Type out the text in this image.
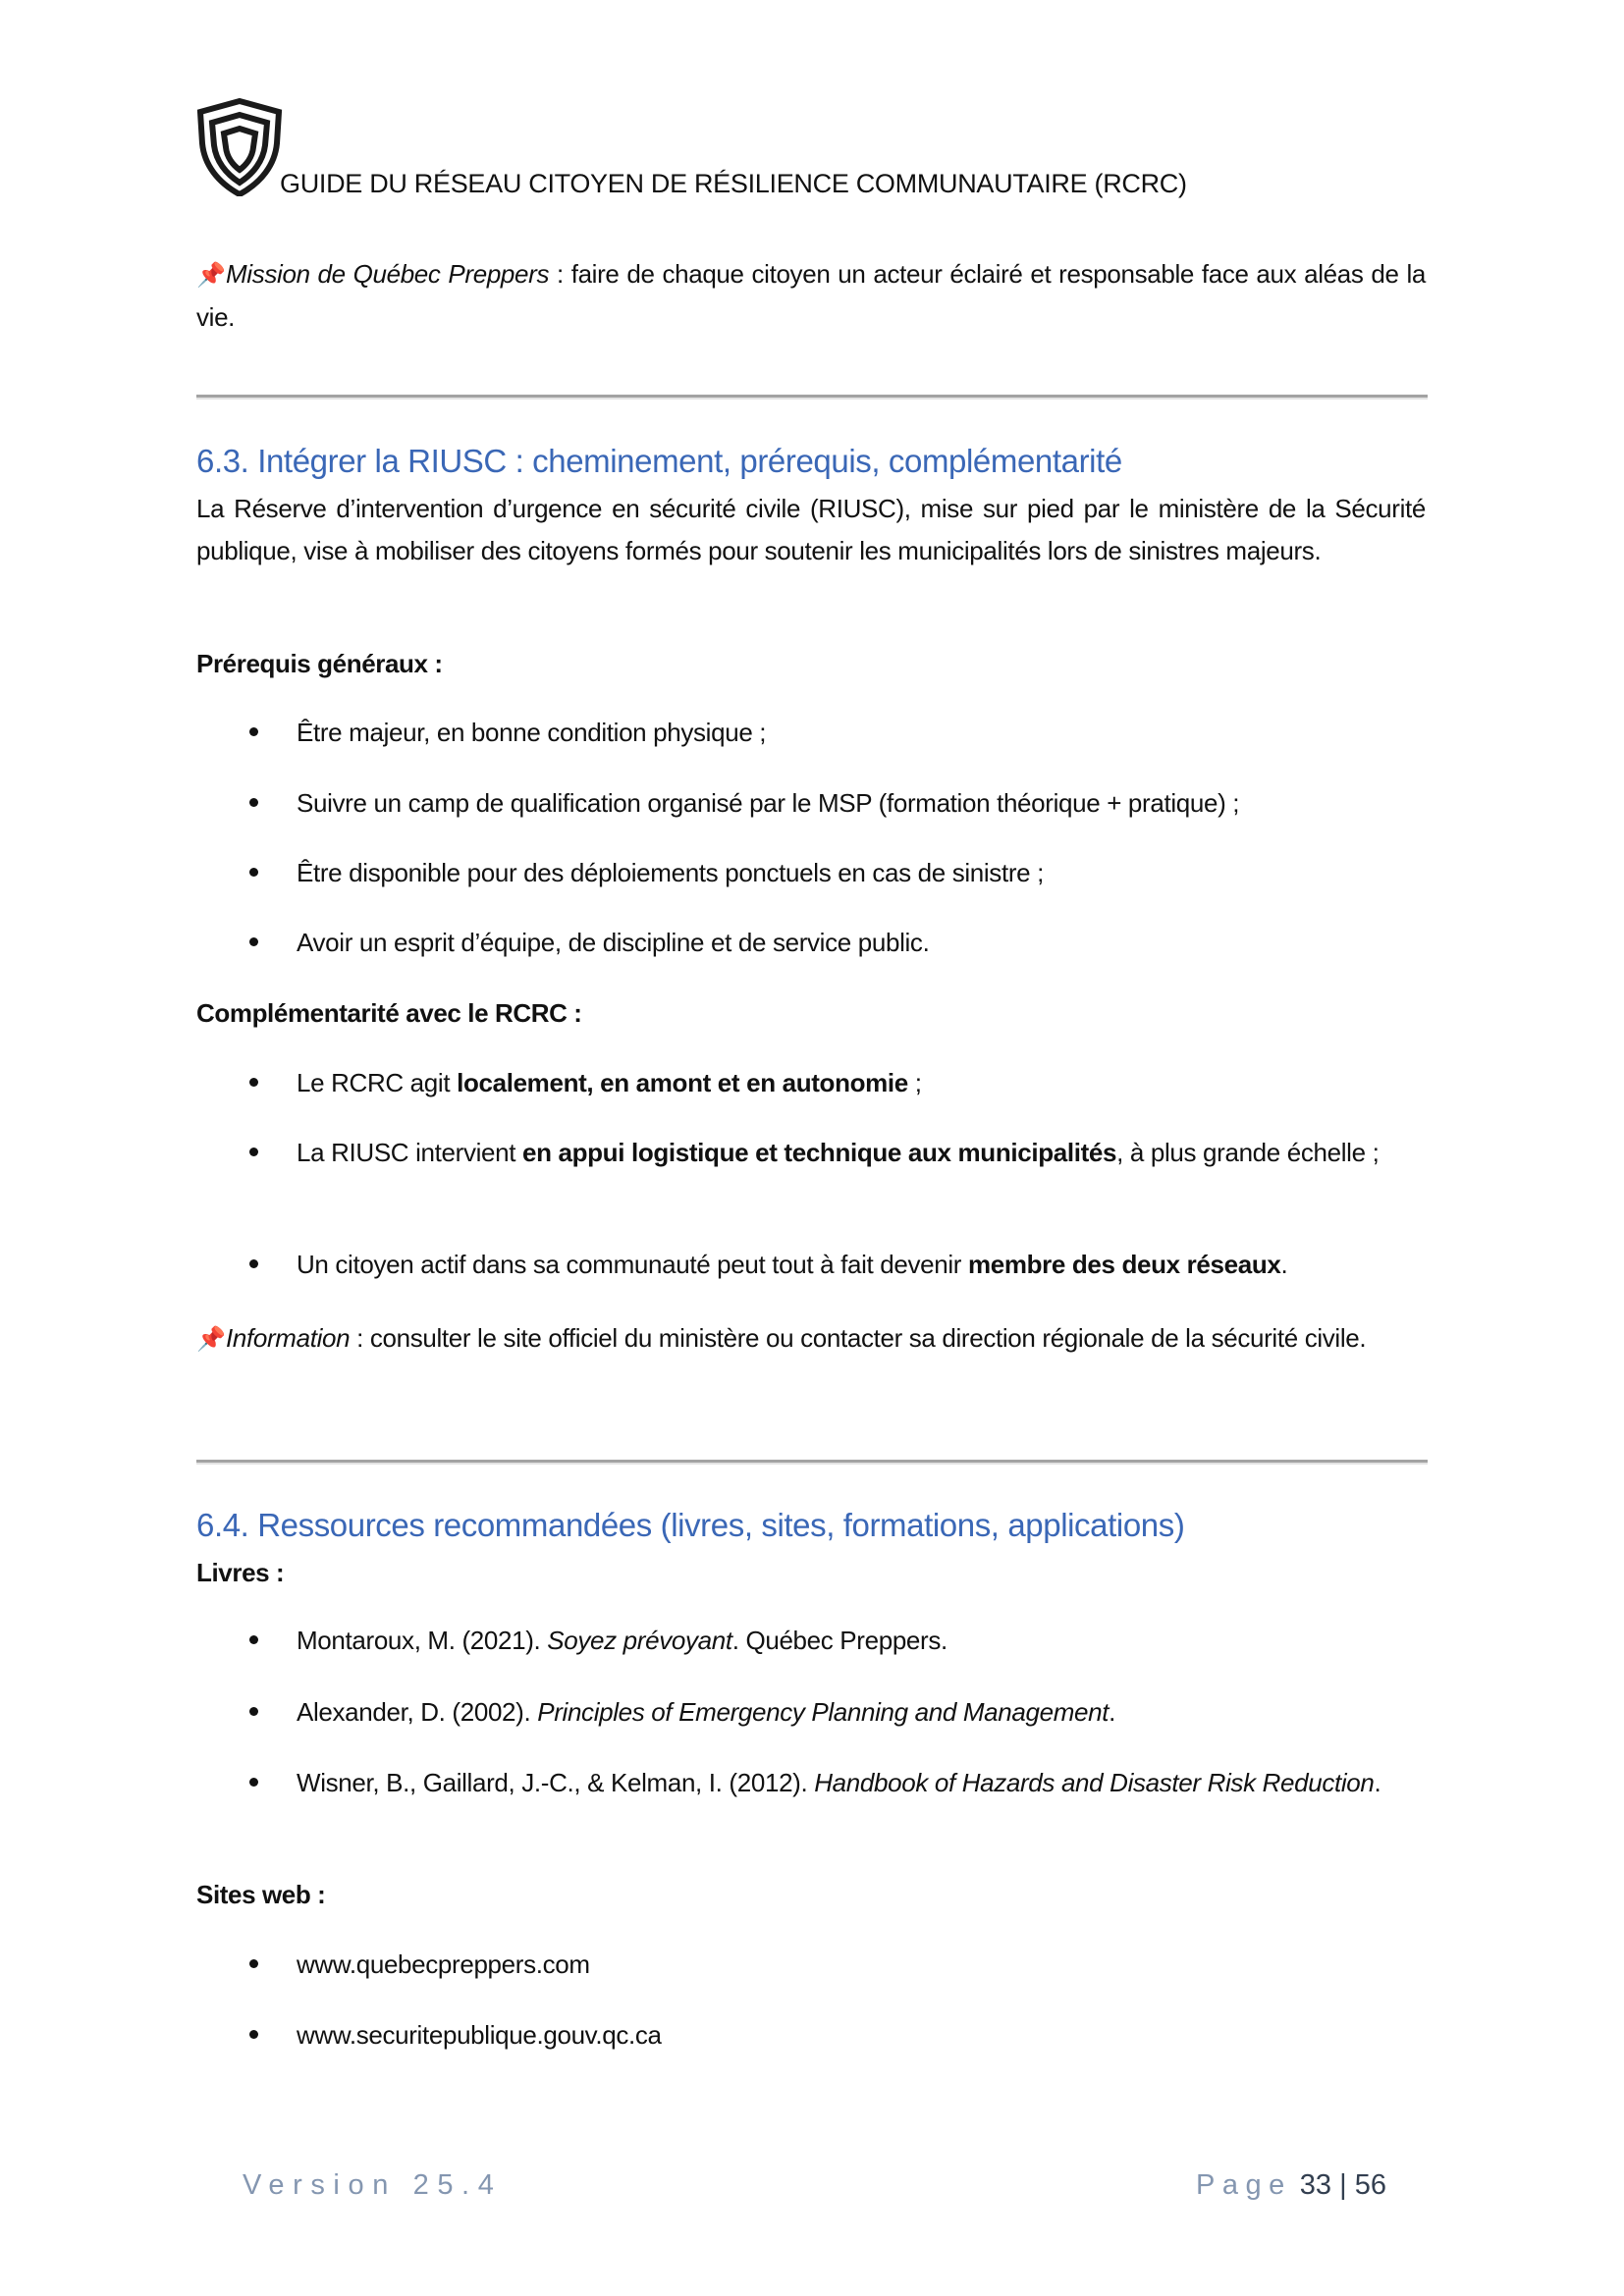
GUIDE DU RÉSEAU CITOYEN DE RÉSILIENCE COMMUNAUTAIRE (RCRC)
📌Mission de Québec Preppers : faire de chaque citoyen un acteur éclairé et responsable face aux aléas de la vie.
6.3. Intégrer la RIUSC : cheminement, prérequis, complémentarité
La Réserve d’intervention d’urgence en sécurité civile (RIUSC), mise sur pied par le ministère de la Sécurité publique, vise à mobiliser des citoyens formés pour soutenir les municipalités lors de sinistres majeurs.
Prérequis généraux :
Être majeur, en bonne condition physique ;
Suivre un camp de qualification organisé par le MSP (formation théorique + pratique) ;
Être disponible pour des déploiements ponctuels en cas de sinistre ;
Avoir un esprit d’équipe, de discipline et de service public.
Complémentarité avec le RCRC :
Le RCRC agit localement, en amont et en autonomie ;
La RIUSC intervient en appui logistique et technique aux municipalités, à plus grande échelle ;
Un citoyen actif dans sa communauté peut tout à fait devenir membre des deux réseaux.
📌Information : consulter le site officiel du ministère ou contacter sa direction régionale de la sécurité civile.
6.4. Ressources recommandées (livres, sites, formations, applications)
Livres :
Montaroux, M. (2021). Soyez prévoyant. Québec Preppers.
Alexander, D. (2002). Principles of Emergency Planning and Management.
Wisner, B., Gaillard, J.-C., & Kelman, I. (2012). Handbook of Hazards and Disaster Risk Reduction.
Sites web :
www.quebecpreppers.com
www.securitepublique.gouv.qc.ca
Version 25.4	Page 33 | 56
